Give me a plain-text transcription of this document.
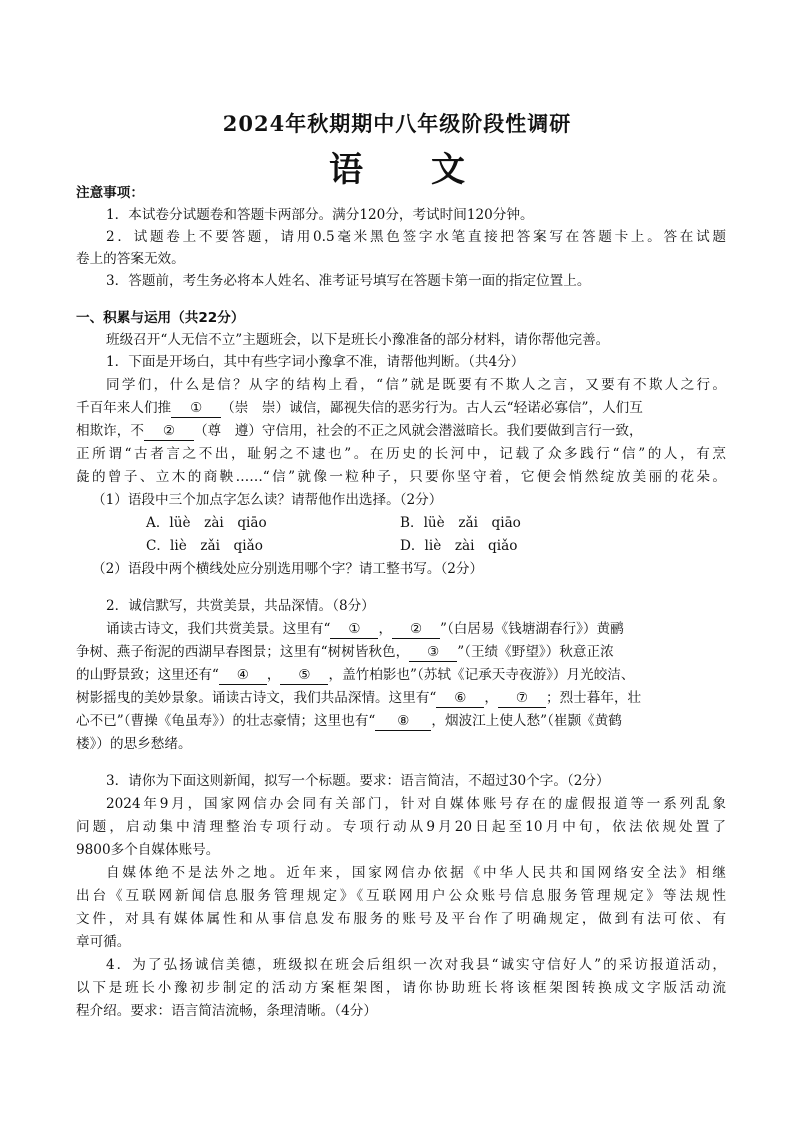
2024年秋期期中八年级阶段性调研
语 文
注意事项：
1．本试卷分试题卷和答题卡两部分。满分120分，考试时间120分钟。
2．试题卷上不要答题，请用0.5毫米黑色签字水笔直接把答案写在答题卡上。答在试题
卷上的答案无效。
3．答题前，考生务必将本人姓名、准考证号填写在答题卡第一面的指定位置上。
一、积累与运用（共22分）
班级召开“人无信不立”主题班会，以下是班长小豫准备的部分材料，请你帮他完善。
1．下面是开场白，其中有些字词小豫拿不准，请帮他判断。（共4分）
同学们，什么是信？从字的结构上看，“信”就是既要有不欺人之言，又要有不欺人之行。
千百年来人们推 ① （崇　崇）诚信，鄙视失信的恶劣行为。古人云“轻诺必寡信”，人们互
相欺诈，不 ② （尊　遵）守信用，社会的不正之风就会潜滋暗长。我们要做到言行一致，
正所谓“古者言之不出，耻躬之不逮也”。在历史的长河中，记载了众多践行“信”的人，有烹
彘的曾子、立木的商鞅……“信”就像一粒种子，只要你坚守着，它便会悄然绽放美丽的花朵。
（1）语段中三个加点字怎么读？请帮他作出选择。（2分）
A．lüè　zài　qiāo	B．lüè　zǎi　qiāo
C．liè　zǎi　qiǎo	D．liè　zài　qiǎo
（2）语段中两个横线处应分别选用哪个字？请工整书写。（2分）
2．诚信默写，共赏美景，共品深情。（8分）
诵读古诗文，我们共赏美景。这里有“ ① ， ② ”（白居易《钱塘湖春行》）黄鹂
争树、燕子衔泥的西湖早春图景；这里有“树树皆秋色， ③ ”（王绩《野望》）秋意正浓
的山野景致；这里还有“ ④ ， ⑤ ，盖竹柏影也”（苏轼《记承天寺夜游》）月光皎洁、
树影摇曳的美妙景象。诵读古诗文，我们共品深情。这里有“ ⑥ ， ⑦ ；烈士暮年，壮
心不已”（曹操《龟虽寿》）的壮志豪情；这里也有“ ⑧ ，烟波江上使人愁”（崔颢《黄鹤
楼》）的思乡愁绪。
3．请你为下面这则新闻，拟写一个标题。要求：语言简洁，不超过30个字。（2分）
2024年9月，国家网信办会同有关部门，针对自媒体账号存在的虚假报道等一系列乱象
问题，启动集中清理整治专项行动。专项行动从9月20日起至10月中旬，依法依规处置了
9800多个自媒体账号。
自媒体绝不是法外之地。近年来，国家网信办依据《中华人民共和国网络安全法》相继
出台《互联网新闻信息服务管理规定》《互联网用户公众账号信息服务管理规定》等法规性
文件，对具有媒体属性和从事信息发布服务的账号及平台作了明确规定，做到有法可依、有
章可循。
4．为了弘扬诚信美德，班级拟在班会后组织一次对我县“诚实守信好人”的采访报道活动，
以下是班长小豫初步制定的活动方案框架图，请你协助班长将该框架图转换成文字版活动流
程介绍。要求：语言简洁流畅，条理清晰。（4分）
